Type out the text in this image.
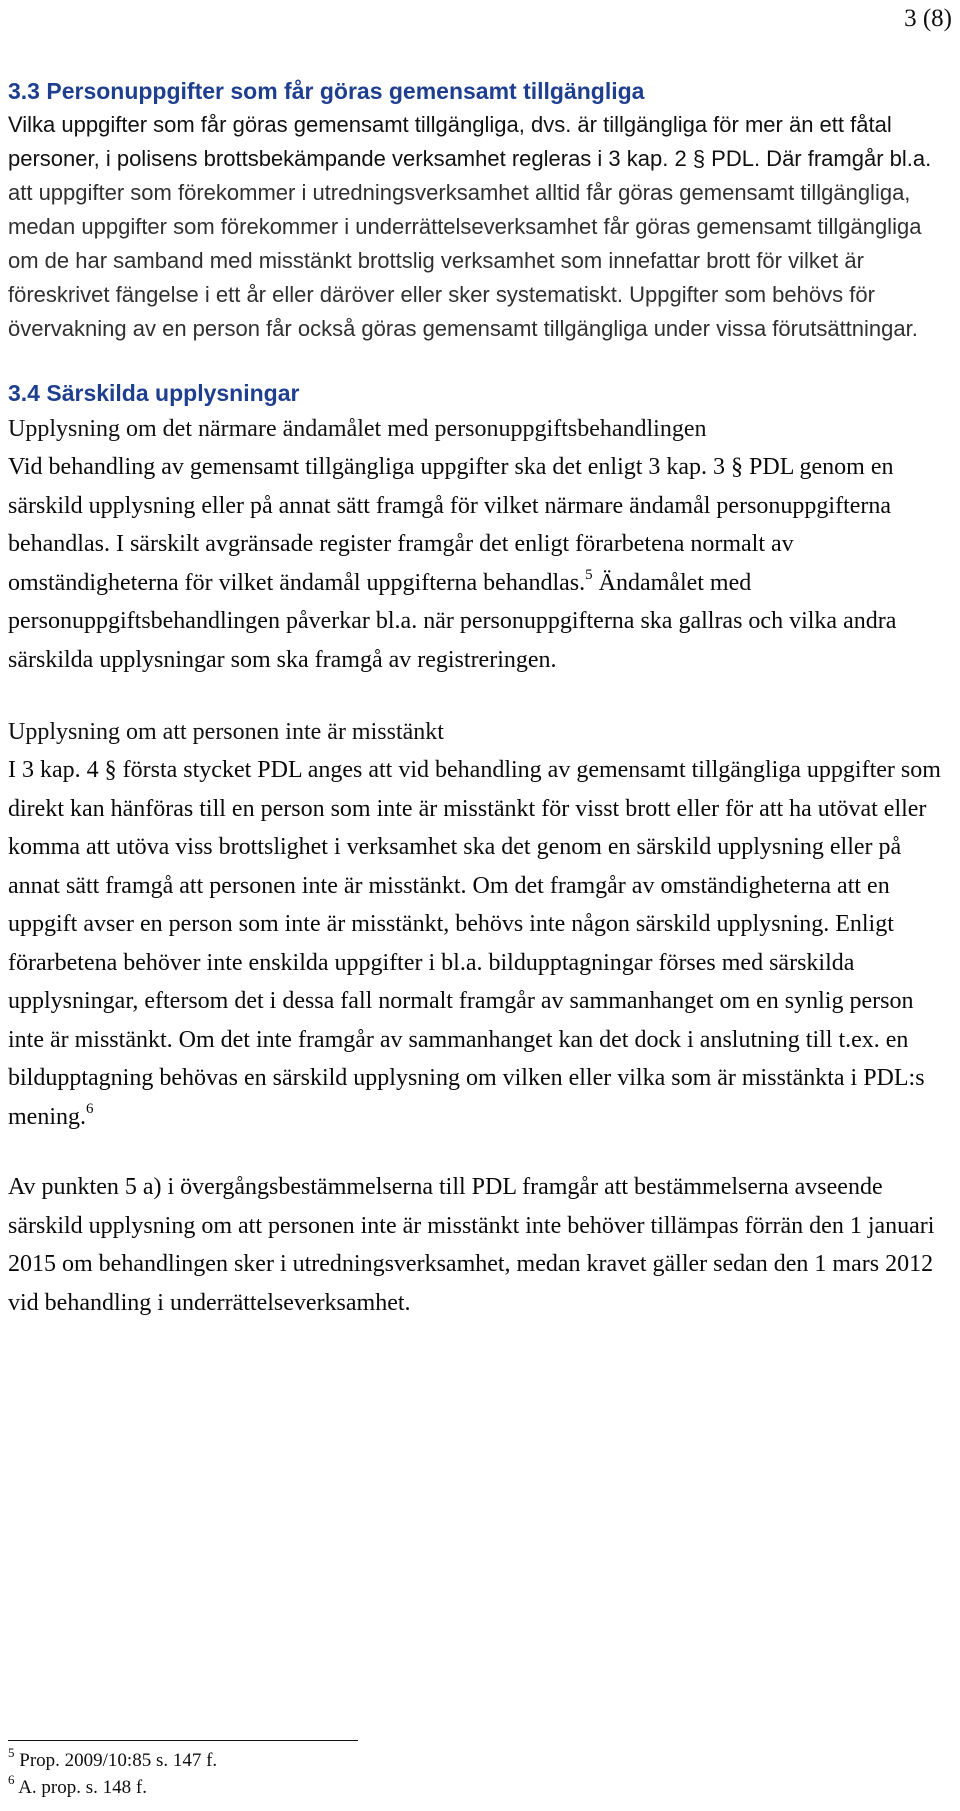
3 (8)
3.3 Personuppgifter som får göras gemensamt tillgängliga

Vilka uppgifter som får göras gemensamt tillgängliga, dvs. är tillgängliga för mer än ett fåtal personer, i polisens brottsbekämpande verksamhet regleras i 3 kap. 2 § PDL. Där framgår bl.a. att uppgifter som förekommer i utredningsverksamhet alltid får göras gemensamt tillgängliga, medan uppgifter som förekommer i underrättelseverksamhet får göras gemensamt tillgängliga om de har samband med misstänkt brottslig verksamhet som innefattar brott för vilket är föreskrivet fängelse i ett år eller däröver eller sker systematiskt. Uppgifter som behövs för övervakning av en person får också göras gemensamt tillgängliga under vissa förutsättningar.

3.4 Särskilda upplysningar

Upplysning om det närmare ändamålet med personuppgiftsbehandlingen

Vid behandling av gemensamt tillgängliga uppgifter ska det enligt 3 kap. 3 § PDL genom en särskild upplysning eller på annat sätt framgå för vilket närmare ändamål personuppgifterna behandlas. I särskilt avgränsade register framgår det enligt förarbetena normalt av omständigheterna för vilket ändamål uppgifterna behandlas.$^5$ Ändamålet med personuppgiftsbehandlingen påverkar bl.a. när personuppgifterna ska gallras och vilka andra särskilda upplysningar som ska framgå av registreringen.

Upplysning om att personen inte är misstänkt

I 3 kap. 4 § första stycket PDL anges att vid behandling av gemensamt tillgängliga uppgifter som direkt kan hänföras till en person som inte är misstänkt för visst brott eller för att ha utövat eller komma att utöva viss brottslighet i verksamhet ska det genom en särskild upplysning eller på annat sätt framgå att personen inte är misstänkt. Om det framgår av omständigheterna att en uppgift avser en person som inte är misstänkt, behövs inte någon särskild upplysning. Enligt förarbetena behöver inte enskilda uppgifter i bl.a. bildupptagningar förses med särskilda upplysningar, eftersom det i dessa fall normalt framgår av sammanhanget om en synlig person inte är misstänkt. Om det inte framgår av sammanhanget kan det dock i anslutning till t.ex. en bildupptagning behövas en särskild upplysning om vilken eller vilka som är misstänkta i PDL:s mening.$^6$

Av punkten 5 a) i övergångsbestämmelserna till PDL framgår att bestämmelserna avseende särskild upplysning om att personen inte är misstänkt inte behöver tillämpas förrän den 1 januari 2015 om behandlingen sker i utredningsverksamhet, medan kravet gäller sedan den 1 mars 2012 vid behandling i underrättelseverksamhet.

$^5$ Prop. 2009/10:85 s. 147 f.

$^6$ A. prop. s. 148 f.
